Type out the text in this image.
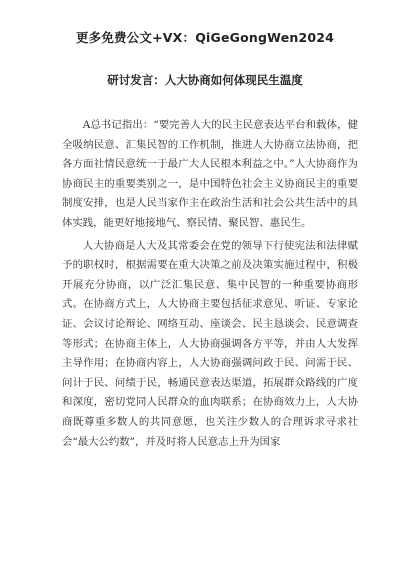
更多免费公文+VX：QiGeGongWen2024
研讨发言：人大协商如何体现民生温度

A总书记指出：“要完善人大的民主民意表达平台和载体，健全吸纳民意、汇集民智的工作机制，推进人大协商立法协商，把各方面社情民意统一于最广大人民根本利益之中。”人大协商作为协商民主的重要类别之一，是中国特色社会主义协商民主的重要制度安排，也是人民当家作主在政治生活和社会公共生活中的具体实践，能更好地接地气、察民情、聚民智、惠民生。

人大协商是人大及其常委会在党的领导下行使宪法和法律赋予的职权时，根据需要在重大决策之前及决策实施过程中，积极开展充分协商，以广泛汇集民意、集中民智的一种重要协商形式。在协商方式上，人大协商主要包括征求意见、听证、专家论证、会议讨论辩论、网络互动、座谈会、民主恳谈会、民意调查等形式；在协商主体上，人大协商强调各方平等，并由人大发挥主导作用；在协商内容上，人大协商强调问政于民、问需于民、问计于民、问绩于民，畅通民意表达渠道，拓展群众路线的广度和深度，密切党同人民群众的血肉联系；在协商效力上，人大协商既尊重多数人的共同意愿，也关注少数人的合理诉求寻求社会“最大公约数”，并及时将人民意志上升为国家
